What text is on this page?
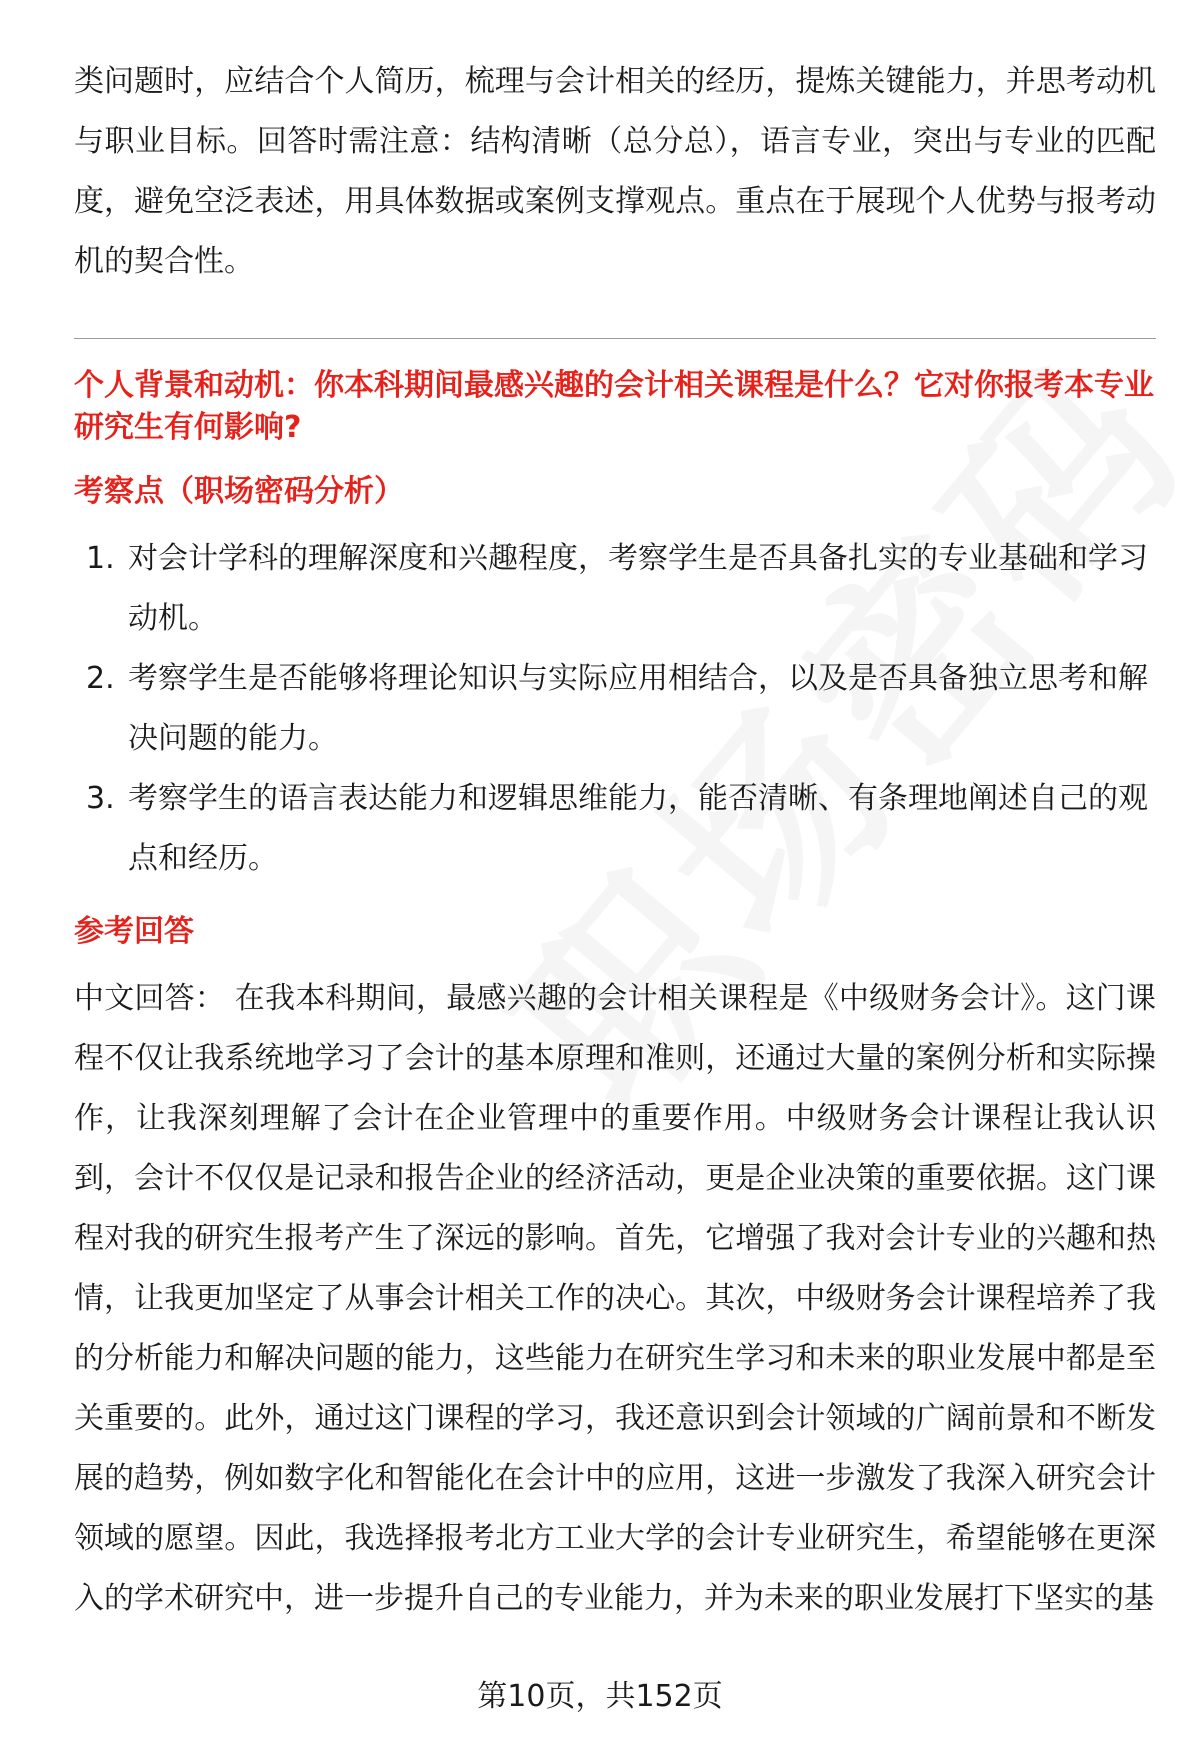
类问题时，应结合个人简历，梳理与会计相关的经历，提炼关键能力，并思考动机与职业目标。回答时需注意：结构清晰（总分总），语言专业，突出与专业的匹配度，避免空泛表述，用具体数据或案例支撑观点。重点在于展现个人优势与报考动机的契合性。

个人背景和动机：你本科期间最感兴趣的会计相关课程是什么？它对你报考本专业研究生有何影响?

考察点（职场密码分析）

1. 对会计学科的理解深度和兴趣程度，考察学生是否具备扎实的专业基础和学习动机。
2. 考察学生是否能够将理论知识与实际应用相结合，以及是否具备独立思考和解决问题的能力。
3. 考察学生的语言表达能力和逻辑思维能力，能否清晰、有条理地阐述自己的观点和经历。

参考回答

中文回答： 在我本科期间，最感兴趣的会计相关课程是《中级财务会计》。这门课程不仅让我系统地学习了会计的基本原理和准则，还通过大量的案例分析和实际操作，让我深刻理解了会计在企业管理中的重要作用。中级财务会计课程让我认识到，会计不仅仅是记录和报告企业的经济活动，更是企业决策的重要依据。这门课程对我的研究生报考产生了深远的影响。首先，它增强了我对会计专业的兴趣和热情，让我更加坚定了从事会计相关工作的决心。其次，中级财务会计课程培养了我的分析能力和解决问题的能力，这些能力在研究生学习和未来的职业发展中都是至关重要的。此外，通过这门课程的学习，我还意识到会计领域的广阔前景和不断发展的趋势，例如数字化和智能化在会计中的应用，这进一步激发了我深入研究会计领域的愿望。因此，我选择报考北方工业大学的会计专业研究生，希望能够在更深入的学术研究中，进一步提升自己的专业能力，并为未来的职业发展打下坚实的基

第10页，共152页
